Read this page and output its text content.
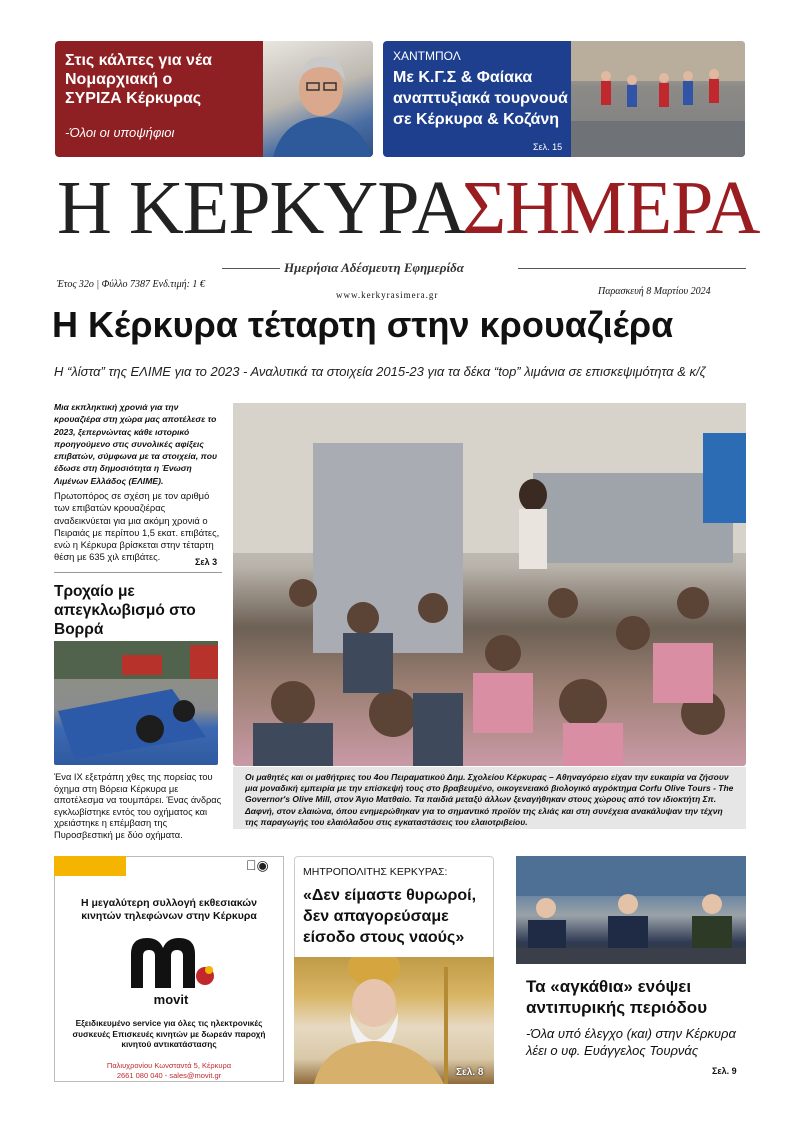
Στις κάλπες για νέα Νομαρχιακή ο ΣΥΡΙΖΑ Κέρκυρας
-Όλοι οι υποψήφιοι
ΧΑΝΤΜΠΟΛ
Με Κ.Γ.Σ & Φαίακα αναπτυξιακά τουρνουά σε Κέρκυρα & Κοζάνη
Σελ. 15
Η ΚΕΡΚΥΡΑ
ΣΗΜΕΡΑ
Ημερήσια Αδέσμευτη Εφημερίδα
Έτος 32ο | Φύλλο 7387 Ενδ.τιμή: 1 €
www.kerkyrasimera.gr	Παρασκευή 8 Μαρτίου 2024
Η Κέρκυρα τέταρτη στην κρουαζιέρα
Η “λίστα” της ΕΛΙΜΕ για το 2023 - Αναλυτικά τα στοιχεία 2015-23 για τα δέκα “top” λιμάνια σε επισκεψιμότητα & κ/ζ
Μια εκπληκτική χρονιά για την κρουαζιέρα στη χώρα μας αποτέλεσε το 2023, ξεπερνώντας κάθε ιστορικό προηγούμενο στις συνολικές αφίξεις επιβατών, σύμφωνα με τα στοιχεία, που έδωσε στη δημοσιότητα η Ένωση Λιμένων Ελλάδος (ΕΛΙΜΕ).
Πρωτοπόρος σε σχέση με τον αριθμό των επιβατών κρουαζιέρας αναδεικνύεται για μια ακόμη χρονιά ο Πειραιάς με περίπου 1,5 εκατ. επιβάτες, ενώ η Κέρκυρα βρίσκεται στην τέταρτη θέση με 635 χιλ επιβάτες.	Σελ 3
Τροχαίο με απεγκλωβισμό στο Βορρά
Ένα ΙΧ εξετράπη χθες της πορείας του όχημα στη Βόρεια Κέρκυρα με αποτέλεσμα να τουμπάρει. Ένας άνδρας εγκλωβίστηκε εντός του οχήματος και χρειάστηκε η επέμβαση της Πυροσβεστική με δύο οχήματα.
Οι μαθητές και οι μαθήτριες του 4ου Πειραματικού Δημ. Σχολείου Κέρκυρας – Αθηναγόρειο είχαν την ευκαιρία να ζήσουν μια μοναδική εμπειρία με την επίσκεψή τους στο βραβευμένο, οικογενειακό βιολογικό αγρόκτημα Corfu Olive Tours - The Governor's Olive Mill, στον Άγιο Ματθαίο. Τα παιδιά μεταξύ άλλων ξεναγήθηκαν στους χώρους από τον ιδιοκτήτη Σπ. Δαφνή, στον ελαιώνα, όπου ενημερώθηκαν για το σημαντικό προϊόν της ελιάς και στη συνέχεια ανακάλυψαν την τέχνη της παραγωγής του ελαιόλαδου στις εγκαταστάσεις του ελαιοτριβείου.
◉
Η μεγαλύτερη συλλογή εκθεσιακών κινητών τηλεφώνων στην Κέρκυρα
movit
Εξειδικευμένο service για όλες τις ηλεκτρονικές συσκευές Επισκευές κινητών με δωρεάν παροχή κινητού αντικατάστασης
Παλιυχρονίου Κωνσταντά 5, Κέρκυρα
2661 080 040 - sales@movit.gr
ΜΗΤΡΟΠΟΛΙΤΗΣ ΚΕΡΚΥΡΑΣ:
«Δεν είμαστε θυρωροί, δεν απαγορεύσαμε είσοδο στους ναούς»
Σελ. 8
Τα «αγκάθια» ενόψει αντιπυρικής περιόδου
-Όλα υπό έλεγχο (και) στην Κέρκυρα λέει ο υφ. Ευάγγελος Τουρνάς
Σελ. 9
